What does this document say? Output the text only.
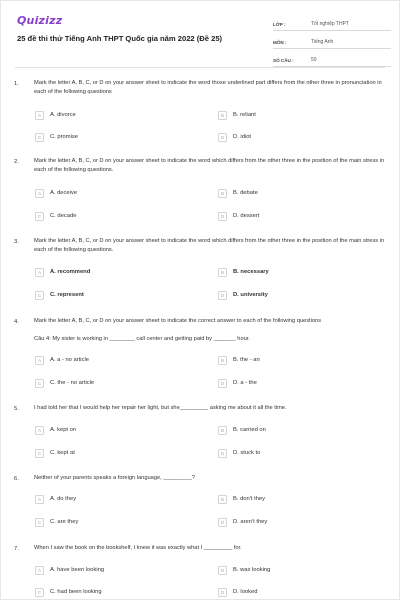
Quizizz
25 đề thi thử Tiếng Anh THPT Quốc gia năm 2022 (Đề 25)
LỚP :	Tốt nghiệp THPT
MÔN :	Tiếng Anh
SỐ CÂU :	50
1.	Mark the letter A, B, C, or D on your answer sheet to indicate the word those underlined part differs from the other three in pronunciation in each of the following questions
A	A. divorce	B	B. reliant
C	C. promise	D	D. idiot
2.	Mark the letter A, B, C, or D on your answer sheet to indicate the word which differs from the other three in the position of the main stress in each of the following questions.
A	A. deceive	B	B. debate
C	C. decade	D	D. dessert
3.	Mark the letter A, B, C, or D on your answer sheet to indicate the word which differs from the other three in the position of the main stress in each of the following questions.
A	A. recommend	B	B. necessary
C	C. represent	D	D. university
4.	Mark the letter A, B, C, or D on your answer sheet to indicate the correct answer to each of the following questions
Câu 4: My sister is working in ________ call center and getting paid by _______ hour.
A	A. a - no article	B	B. the - an
C	C. the - no article	D	D. a - the
5.	I had told her that I would help her repair her light, but she_________ asking me about it all the time.
A	A. kept on	B	B. carried on
C	C. kept at	D	D. stuck to
6.	Neither of your parents speaks a foreign language, _________?
A	A. do they	B	B. don't they
C	C. are they	D	D. aren't they
7.	When I saw the book on the bookshelf, I knew it was exactly what I _________ for.
A	A. have been looking	B	B. was looking
C	C. had been looking	D	D. looked
